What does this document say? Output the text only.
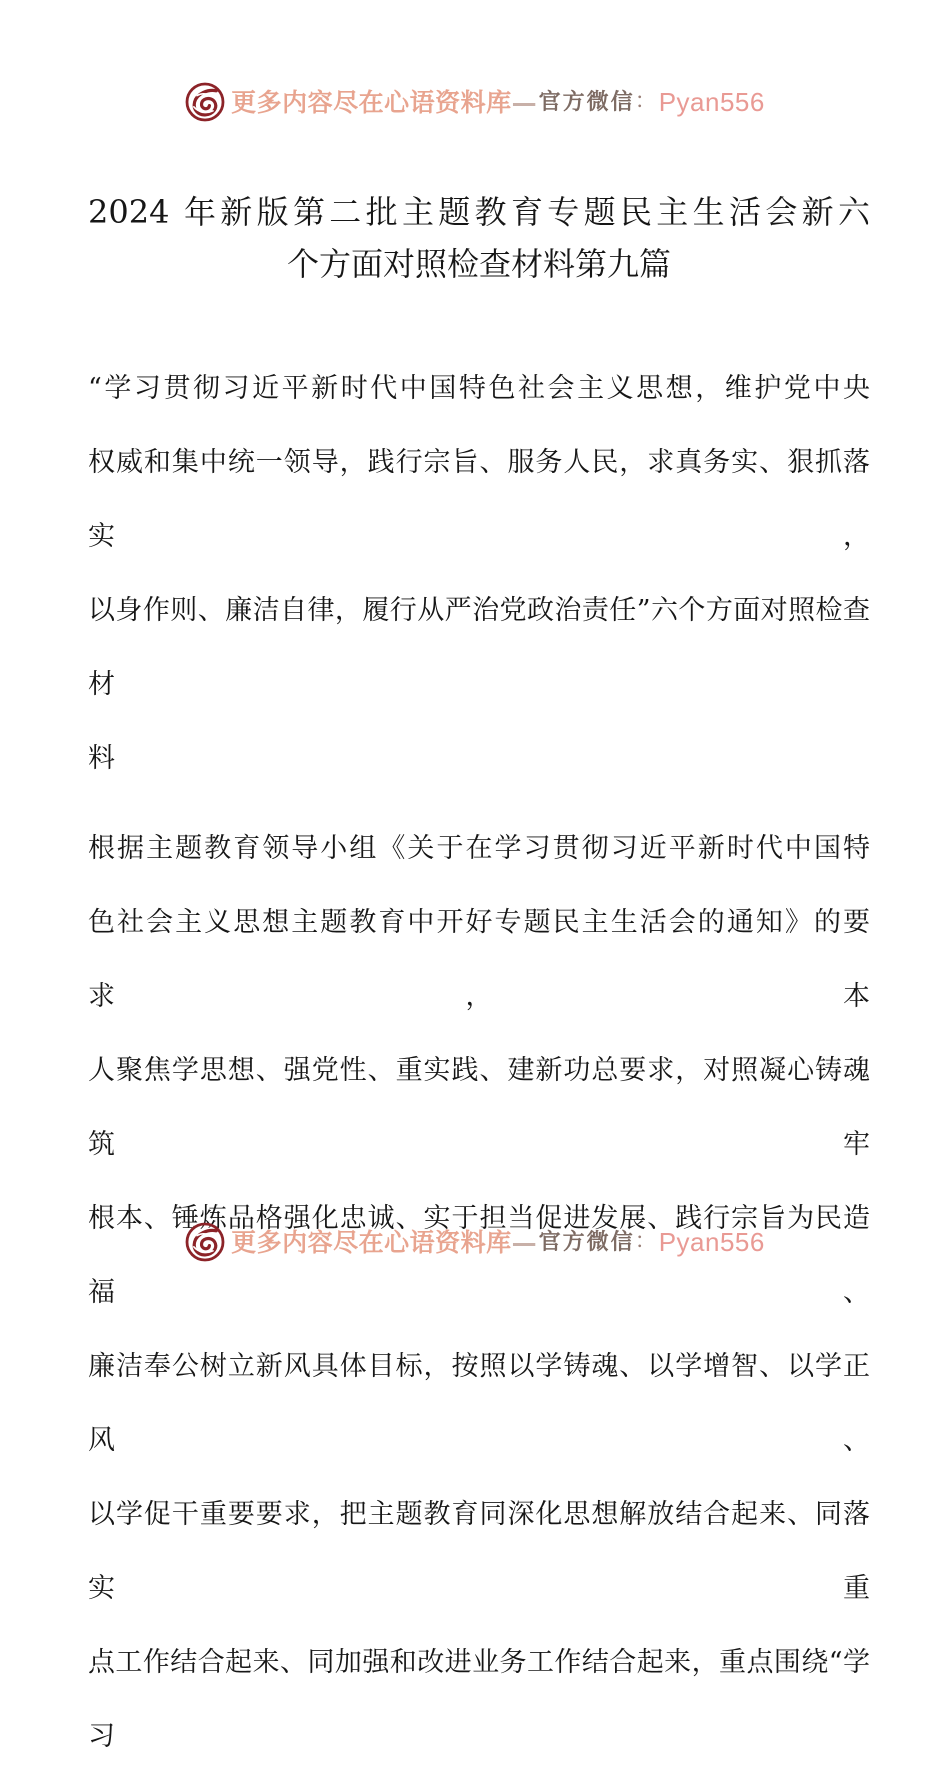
更多内容尽在心语资料库 — 官方微信 ： Pyan556
2024 年新版第二批主题教育专题民主生活会新六
个方面对照检查材料第九篇

“学习贯彻习近平新时代中国特色社会主义思想，维护党中央
权威和集中统一领导，践行宗旨、服务人民，求真务实、狠抓落实，
以身作则、廉洁自律，履行从严治党政治责任”六个方面对照检查材
料

根据主题教育领导小组《关于在学习贯彻习近平新时代中国特
色社会主义思想主题教育中开好专题民主生活会的通知》的要求，本
人聚焦学思想、强党性、重实践、建新功总要求，对照凝心铸魂筑牢
根本、锤炼品格强化忠诚、实于担当促进发展、践行宗旨为民造福、
廉洁奉公树立新风具体目标，按照以学铸魂、以学增智、以学正风、
以学促干重要要求，把主题教育同深化思想解放结合起来、同落实重
点工作结合起来、同加强和改进业务工作结合起来，重点围绕“学习

更多内容尽在心语资料库 — 官方微信 ： Pyan556
